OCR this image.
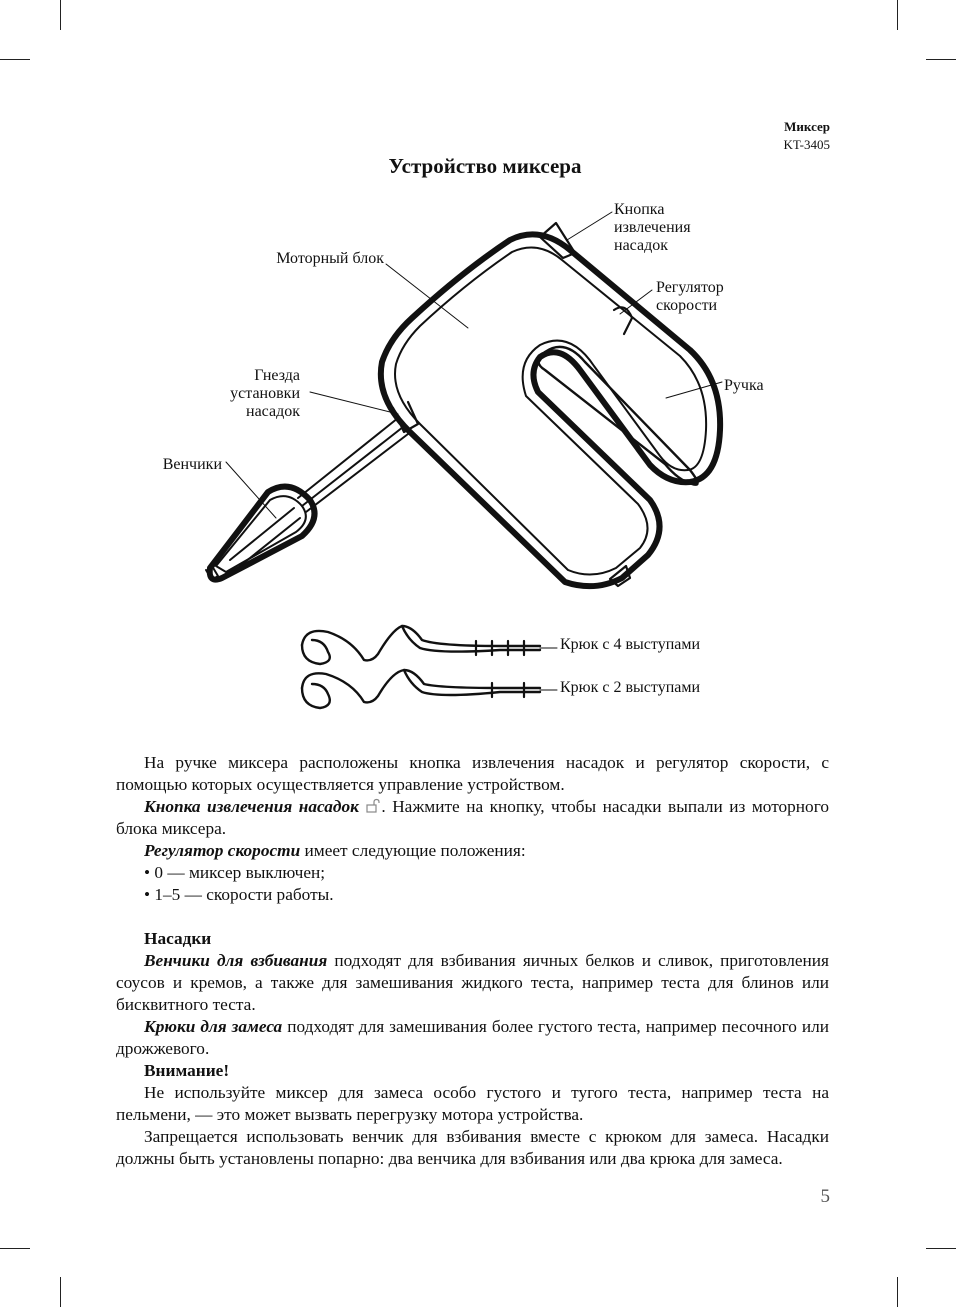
Миксер
KT-3405
Устройство миксера
Кнопка
извлечения
насадок
Моторный блок
Регулятор
скорости
Гнезда
установки
насадок
Ручка
Венчики
Крюк с 4 выступами
Крюк с 2 выступами

На ручке миксера расположены кнопка извлечения насадок и регулятор скорости, с помощью которых осуществляется управление устройством.

Кнопка извлечения насадок . Нажмите на кнопку, чтобы насадки выпали из моторного блока миксера.

Регулятор скорости имеет следующие положения:

• 0 — миксер выключен;
• 1–5 — скорости работы.

Насадки

Венчики для взбивания подходят для взбивания яичных белков и сливок, приготовления соусов и кремов, а также для замешивания жидкого теста, например теста для блинов или бисквитного теста.

Крюки для замеса подходят для замешивания более густого теста, например песочного или дрожжевого.

Внимание!

Не используйте миксер для замеса особо густого и тугого теста, например теста на пельмени, — это может вызвать перегрузку мотора устройства.

Запрещается использовать венчик для взбивания вместе с крюком для замеса. Насадки должны быть установлены попарно: два венчика для взбивания или два крюка для замеса.

5
